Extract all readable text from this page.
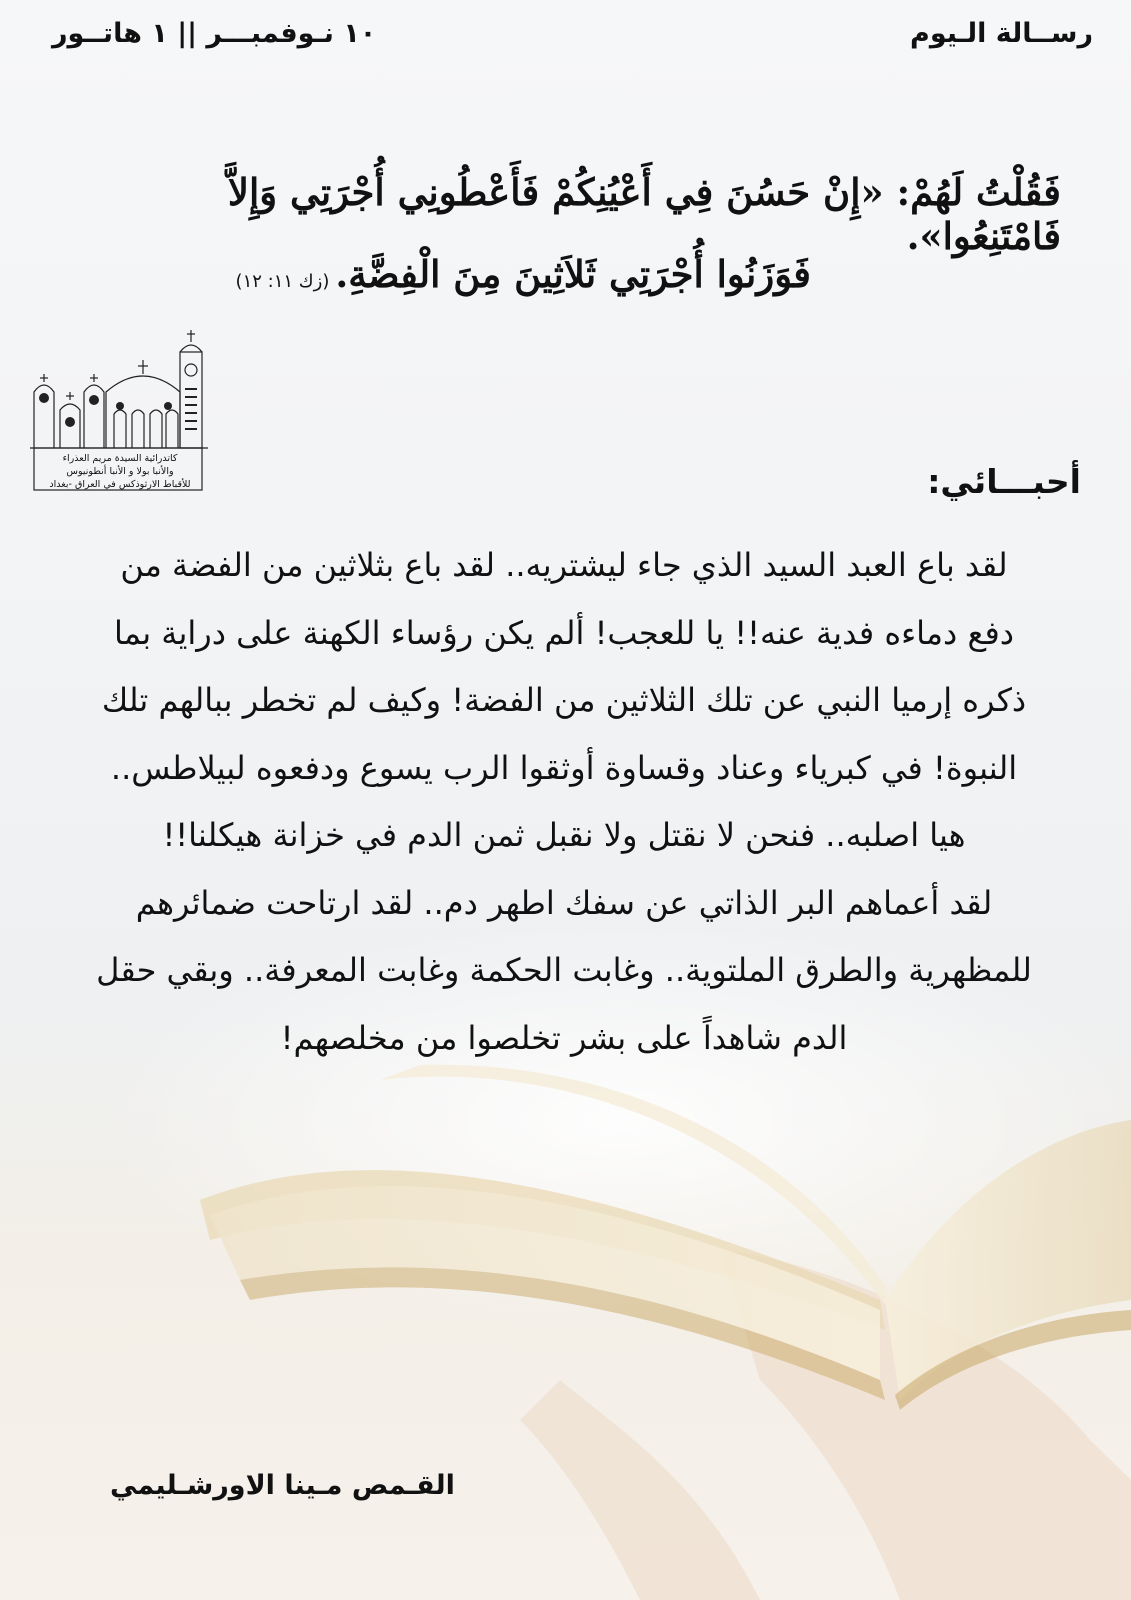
رســالة الـيوم
١٠ نـوفمبـــر || ١ هاتــور
فَقُلْتُ لَهُمْ: «إِنْ حَسُنَ فِي أَعْيُنِكُمْ فَأَعْطُونِي أُجْرَتِي وَإِلاَّ فَامْتَنِعُوا».
فَوَزَنُوا أُجْرَتِي ثَلاَثِينَ مِنَ الْفِضَّةِ.(زك ١١: ١٢)
كاتدرائية السيدة مريم العذراء
والأنبا بولا و الأنبا أنطونيوس
للأقباط الارثوذكس في العراق -بغداد	أحبـــائي:

لقد باع العبد السيد الذي جاء ليشتريه.. لقد باع بثلاثين من الفضة من

دفع دماءه فدية عنه!! يا للعجب! ألم يكن رؤساء الكهنة على دراية بما

ذكره إرميا النبي عن تلك الثلاثين من الفضة! وكيف لم تخطر ببالهم تلك

النبوة! في كبرياء وعناد وقساوة أوثقوا الرب يسوع ودفعوه لبيلاطس..

هيا اصلبه.. فنحن لا نقتل ولا نقبل ثمن الدم في خزانة هيكلنا!!

لقد أعماهم البر الذاتي عن سفك اطهر دم.. لقد ارتاحت ضمائرهم

للمظهرية والطرق الملتوية.. وغابت الحكمة وغابت المعرفة.. وبقي حقل

الدم شاهداً على بشر تخلصوا من مخلصهم!

القـمص مـينا الاورشـليمي
